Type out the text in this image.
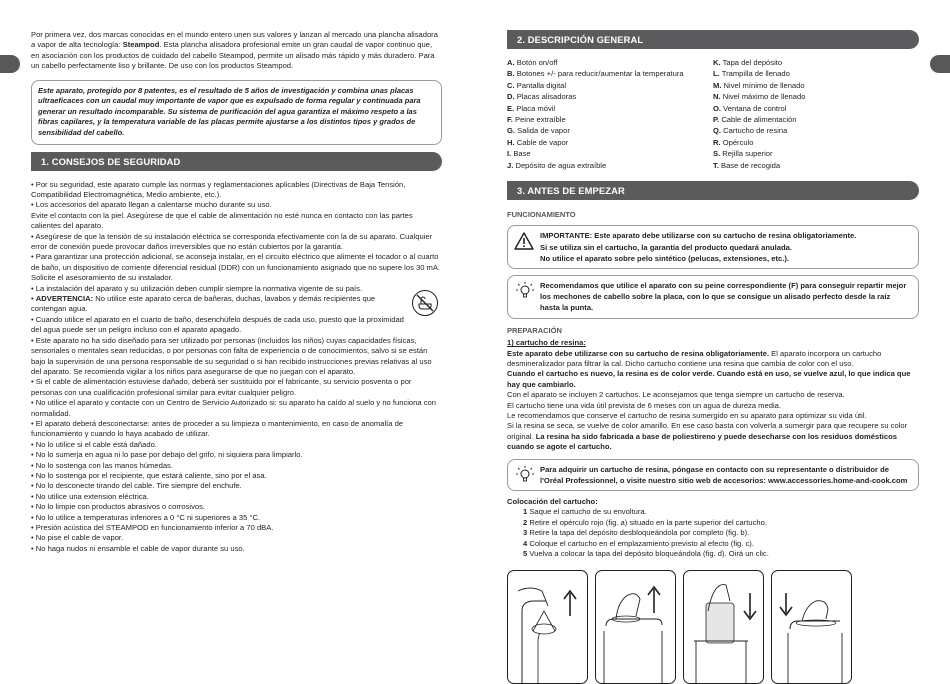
Por primera vez, dos marcas conocidas en el mundo entero unen sus valores y lanzan al mercado una plancha alisadora a vapor de alta tecnología: Steampod. Esta plancha alisadora profesional emite un gran caudal de vapor continuo que, en asociación con los productos de cuidado del cabello Steampod, permite un alisado más rápido y más duradero. Para un cabello perfectamente liso y brillante. De uso con los productos Steampod.

Este aparato, protegido por 8 patentes, es el resultado de 5 años de investigación y combina unas placas ultraeficaces con un caudal muy importante de vapor que es expulsado de forma regular y continuada para generar un resultado incomparable. Su sistema de purificación del agua garantiza el máximo respeto a las fibras capilares, y la temperatura variable de las placas permite ajustarse a los distintos tipos y grados de sensibilidad del cabello.
1. CONSEJOS DE SEGURIDAD

• Por su seguridad, este aparato cumple las normas y reglamentaciones aplicables (Directivas de Baja Tensión, Compatibilidad Electromagnética, Medio ambiente, etc.).

• Los accesorios del aparato llegan a calentarse mucho durante su uso.

Evite el contacto con la piel. Asegúrese de que el cable de alimentación no esté nunca en contacto con las partes calientes del aparato.

• Asegúrese de que la tensión de su instalación eléctrica se corresponda efectivamente con la de su aparato. Cualquier error de conexión puede provocar daños irreversibles que no están cubiertos por la garantía.

• Para garantizar una protección adicional, se aconseja instalar, en el circuito eléctrico que alimente el tocador o al cuarto de baño, un dispositivo de corriente diferencial residual (DDR) con un funcionamiento asignado que no supere los 30 mA. Solicite el asesoramiento de su instalador.

• La instalación del aparato y su utilización deben cumplir siempre la normativa vigente de su país.

• ADVERTENCIA: No utilice este aparato cerca de bañeras, duchas, lavabos y demás recipientes que contengan agua.

• Cuando utilice el aparato en el cuarto de baño, desenchúfelo después de cada uso, puesto que la proximidad del agua puede ser un peligro incluso con el aparato apagado.

• Este aparato no ha sido diseñado para ser utilizado por personas (incluidos los niños) cuyas capacidades físicas, sensoriales o mentales sean reducidas, o por personas con falta de experiencia o de conocimientos, salvo si se están bajo la supervisión de una persona responsable de su seguridad o si han recibido instrucciones previas relativas al uso del aparato. Se recomienda vigilar a los niños para asegurarse de que no juegan con el aparato.

• Si el cable de alimentación estuviese dañado, deberá ser sustituido por el fabricante, su servicio posventa o por personas con una cualificación profesional similar para evitar cualquier peligro.

• No utilice el aparato y contacte con un Centro de Servicio Autorizado si: su aparato ha caído al suelo y no funciona con normalidad.

• El aparato deberá desconectarse: antes de proceder a su limpieza o mantenimiento, en caso de anomalía de funcionamiento y cuando lo haya acabado de utilizar.

• No lo utilice si el cable está dañado.

• No lo sumerja en agua ni lo pase por debajo del grifo, ni siquiera para limpiarlo.

• No lo sostenga con las manos húmedas.

• No lo sostenga por el recipiente, que estará caliente, sino por el asa.

• No lo desconecte tirando del cable. Tire siempre del enchufe.

• No utilice una extension eléctrica.

• No lo limpie con productos abrasivos o corrosivos.

• No lo utilice a temperaturas inferiores a 0 °C ni superiores a 35 °C.

• Presión acústica del STEAMPOD en funcionamiento inferior a 70 dBA.

• No pise el cable de vapor.

• No haga nudos ni ensamble el cable de vapor durante su uso.

2. DESCRIPCIÓN GENERAL

A. Botón on/off

B. Botones +/- para reducir/aumentar la temperatura

C. Pantalla digital

D. Placas alisadoras

E. Placa móvil

F. Peine extraíble

G. Salida de vapor

H. Cable de vapor

I. Base

J. Depósito de agua extraíble

K. Tapa del depósito

L. Trampilla de llenado

M. Nivel mínimo de llenado

N. Nivel máximo de llenado

O. Ventana de control

P. Cable de alimentación

Q. Cartucho de resina

R. Opérculo

S. Rejilla superior

T. Base de recogida

3. ANTES DE EMPEZAR
FUNCIONAMIENTO

IMPORTANTE: Este aparato debe utilizarse con su cartucho de resina obligatoriamente.

Si se utiliza sin el cartucho, la garantía del producto quedará anulada.

No utilice el aparato sobre pelo sintético (pelucas, extensiones, etc.).

Recomendamos que utilice el aparato con su peine correspondiente (F) para conseguir repartir mejor los mechones de cabello sobre la placa, con lo que se consigue un alisado perfecto desde la raíz hasta la punta.
PREPARACIÓN

1) cartucho de resina:

Este aparato debe utilizarse con su cartucho de resina obligatoriamente. El aparato incorpora un cartucho desmineralizador para filtrar la cal. Dicho cartucho contiene una resina que cambia de color con el uso.

Cuando el cartucho es nuevo, la resina es de color verde. Cuando está en uso, se vuelve azul, lo que indica que hay que cambiarlo.

Con el aparato se incluyen 2 cartuchos. Le aconsejamos que tenga siempre un cartucho de reserva.

El cartucho tiene una vida útil prevista de 6 meses con un agua de dureza media.

Le recomendamos que conserve el cartucho de resina sumergido en su aparato para optimizar su vida útil.

Si la resina se seca, se vuelve de color amarillo. En ese caso basta con volverla a sumergir para que recupere su color original. La resina ha sido fabricada a base de poliestireno y puede desecharse con los residuos domésticos cuando se agote el cartucho.

Para adquirir un cartucho de resina, póngase en contacto con su representante o distribuidor de l'Oréal Professionnel, o visite nuestro sitio web de accesorios: www.accessories.home-and-cook.com

Colocación del cartucho:

1 Saque el cartucho de su envoltura.

2 Retire el opérculo rojo (fig. a) situado en la parte superior del cartucho.

3 Retire la tapa del depósito desbloqueándola por completo (fig. b).

4 Coloque el cartucho en el emplazamiento previsto al efecto (fig. c).

5 Vuelva a colocar la tapa del depósito bloqueándola (fig. d). Oirá un clic.
